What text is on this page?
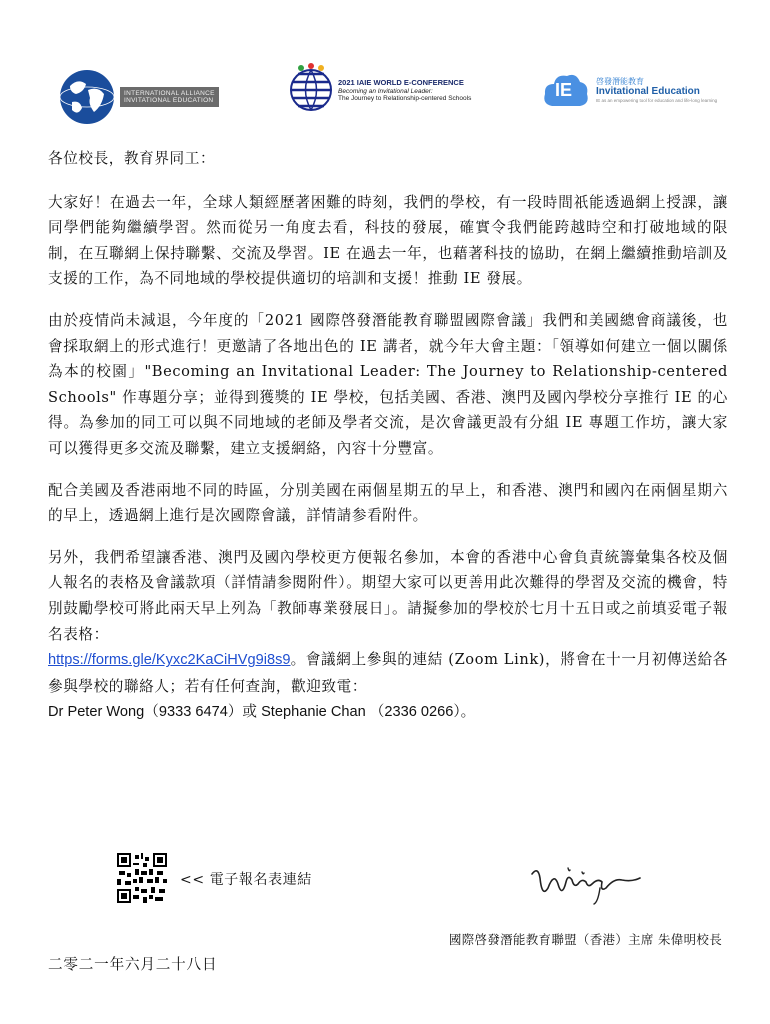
INTERNATIONAL ALLIANCE
INVITATIONAL EDUCATION
2021 IAIE WORLD E-CONFERENCE
Becoming an Invitational Leader:
The Journey to Relationship-centered Schools	IE	啓發潛能教育
Invitational Education
IE as an empowering tool for education and life-long learning

各位校長，教育界同工：

大家好！在過去一年，全球人類經歷著困難的時刻，我們的學校，有一段時間祇能透過網上授課，讓同學們能夠繼續學習。然而從另一角度去看，科技的發展，確實令我們能跨越時空和打破地域的限制，在互聯網上保持聯繫、交流及學習。IE 在過去一年，也藉著科技的協助，在網上繼續推動培訓及支援的工作，為不同地域的學校提供適切的培訓和支援！推動 IE 發展。

由於疫情尚未減退，今年度的「2021 國際啓發潛能教育聯盟國際會議」我們和美國總會商議後，也會採取網上的形式進行！更邀請了各地出色的 IE 講者，就今年大會主題：「領導如何建立一個以關係為本的校園」"Becoming an Invitational Leader: The Journey to Relationship-centered Schools" 作專題分享；並得到獲獎的 IE 學校，包括美國、香港、澳門及國內學校分享推行 IE 的心得。為參加的同工可以與不同地域的老師及學者交流，是次會議更設有分組 IE 專題工作坊，讓大家可以獲得更多交流及聯繫，建立支援網絡，內容十分豐富。

配合美國及香港兩地不同的時區，分別美國在兩個星期五的早上，和香港、澳門和國內在兩個星期六的早上，透過網上進行是次國際會議，詳情請参看附件。

另外，我們希望讓香港、澳門及國內學校更方便報名參加，本會的香港中心會負責統籌彙集各校及個人報名的表格及會議款項（詳情請参閱附件）。期望大家可以更善用此次難得的學習及交流的機會，特別鼓勵學校可將此兩天早上列為「教師專業發展日」。請擬參加的學校於七月十五日或之前填妥電子報名表格：
https://forms.gle/Kyxc2KaCiHVg9i8s9。會議網上參與的連結 (Zoom Link)，將會在十一月初傳送給各參與學校的聯絡人；若有任何查詢，歡迎致電：
Dr Peter Wong（9333 6474）或 Stephanie Chan （2336 0266）。

<< 電子報名表連結
國際啓發潛能教育聯盟（香港）主席 朱偉明校長
二零二一年六月二十八日
